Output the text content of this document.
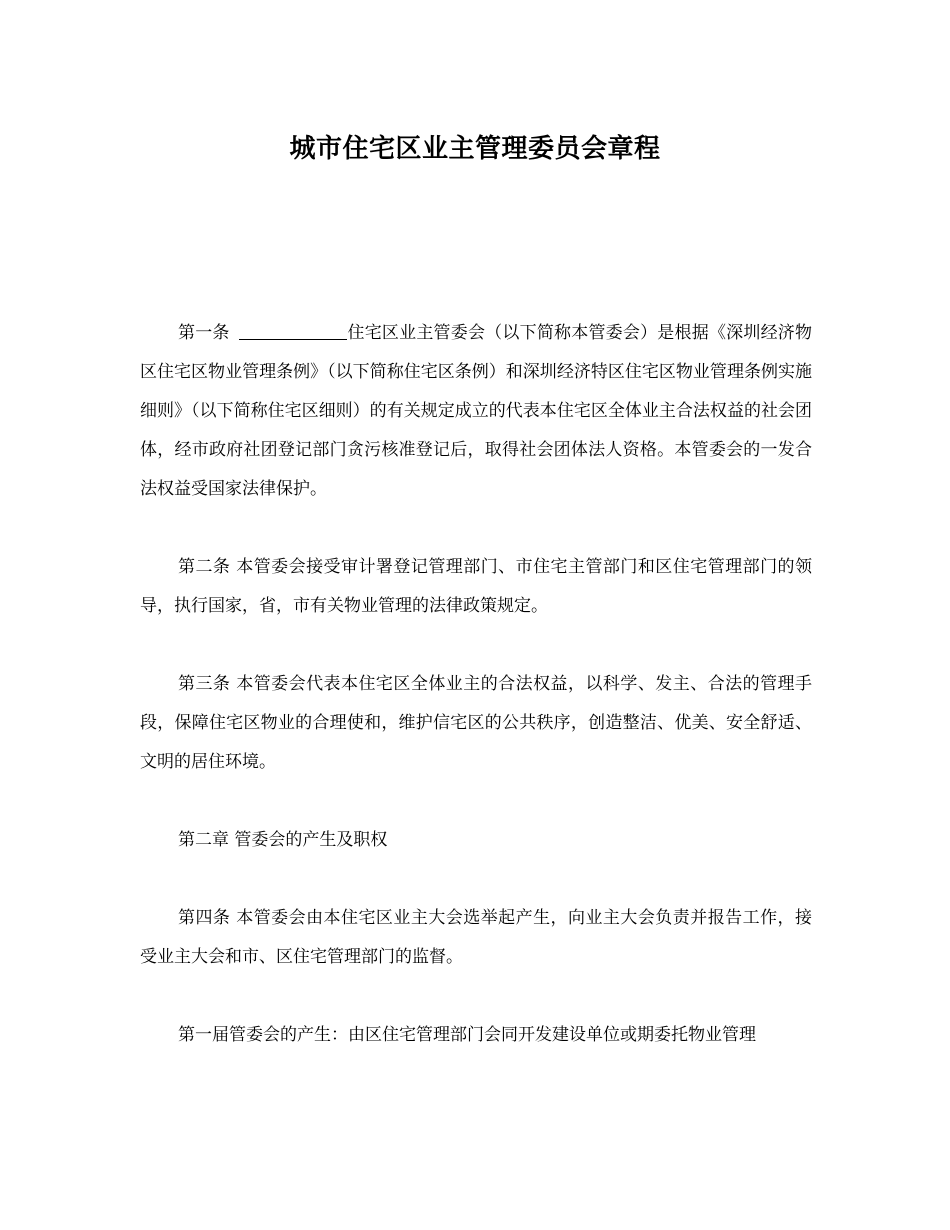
城市住宅区业主管理委员会章程

第一条	住宅区业主管委会（以下简称本管委会）是根据《深圳经济物区住宅区物业管理条例》（以下简称住宅区条例）和深圳经济特区住宅区物业管理条例实施细则》（以下简称住宅区细则）的有关规定成立的代表本住宅区全体业主合法权益的社会团体，经市政府社团登记部门贪污核准登记后，取得社会团体法人资格。本管委会的一发合法权益受国家法律保护。

第二条 本管委会接受审计署登记管理部门、市住宅主管部门和区住宅管理部门的领导，执行国家，省，市有关物业管理的法律政策规定。

第三条 本管委会代表本住宅区全体业主的合法权益，以科学、发主、合法的管理手段，保障住宅区物业的合理使和，维护信宅区的公共秩序，创造整洁、优美、安全舒适、文明的居住环境。

第二章 管委会的产生及职权

第四条 本管委会由本住宅区业主大会选举起产生，向业主大会负责并报告工作，接受业主大会和市、区住宅管理部门的监督。

第一届管委会的产生：由区住宅管理部门会同开发建设单位或期委托物业管理
